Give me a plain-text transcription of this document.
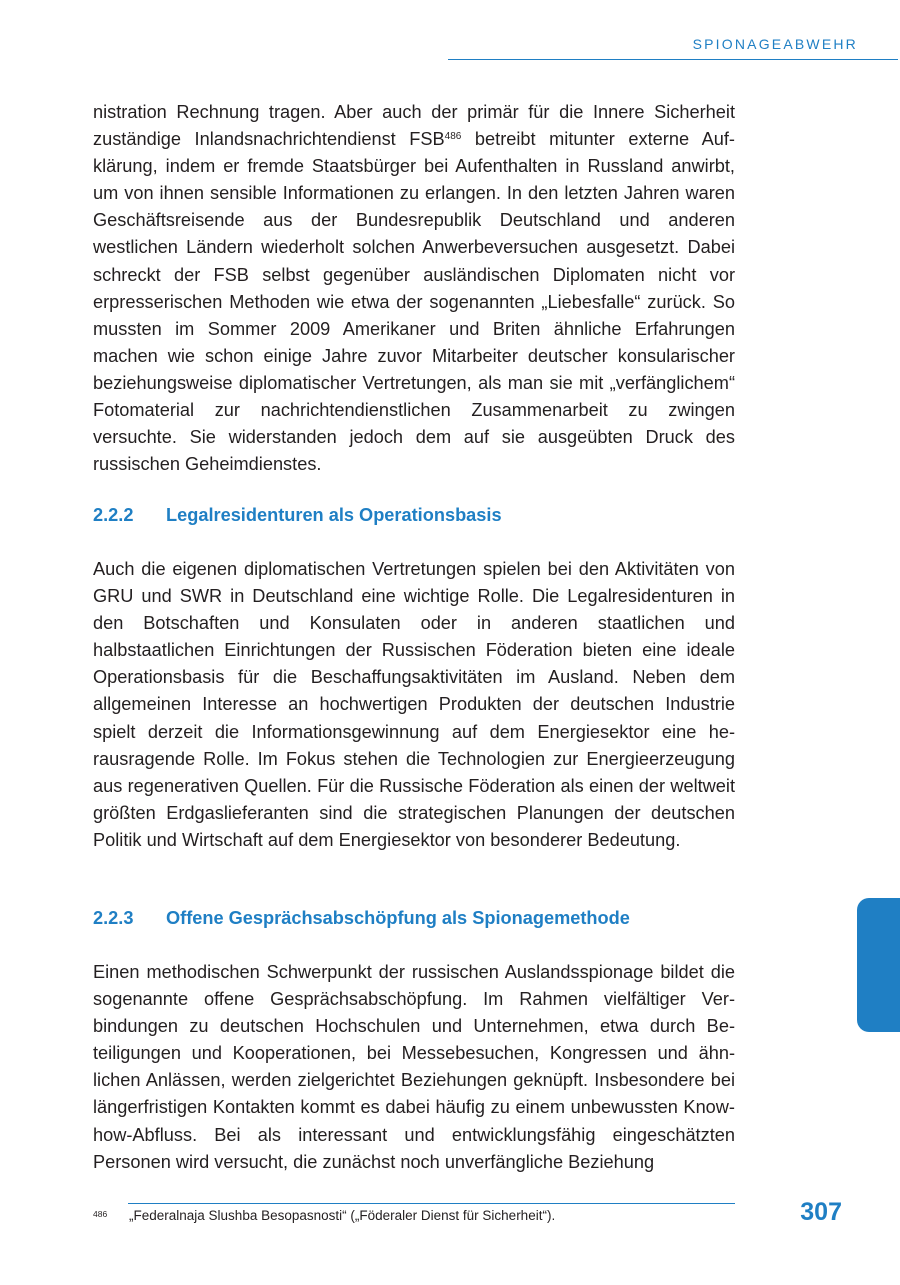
SPIONAGEABWEHR

nistration Rechnung tragen. Aber auch der primär für die Innere Sicherheit zuständige Inlandsnachrichtendienst FSB$^{486}$ betreibt mitunter externe Aufklärung, indem er fremde Staatsbürger bei Aufenthalten in Russland anwirbt, um von ihnen sensible Informationen zu erlangen. In den letzten Jahren waren Geschäftsreisende aus der Bundesrepublik Deutschland und anderen westlichen Ländern wiederholt solchen Anwerbeversuchen ausgesetzt. Dabei schreckt der FSB selbst gegenüber ausländischen Diplomaten nicht vor erpresserischen Methoden wie etwa der sogenannten „Liebesfalle“ zurück. So mussten im Sommer 2009 Amerikaner und Briten ähnliche Erfahrungen machen wie schon einige Jahre zuvor Mitarbeiter deutscher konsularischer beziehungsweise diplomatischer Vertretungen, als man sie mit „verfänglichem“ Fotomaterial zur nachrichtendienstlichen Zusammenarbeit zu zwingen versuchte. Sie widerstanden jedoch dem auf sie ausgeübten Druck des russischen Geheimdienstes.

2.2.2 Legalresidenturen als Operationsbasis

Auch die eigenen diplomatischen Vertretungen spielen bei den Aktivitäten von GRU und SWR in Deutschland eine wichtige Rolle. Die Legalresidenturen in den Botschaften und Konsulaten oder in anderen staatlichen und halbstaatlichen Einrichtungen der Russischen Föderation bieten eine ideale Operationsbasis für die Beschaffungsaktivitäten im Ausland. Neben dem allgemeinen Interesse an hochwertigen Produkten der deutschen Industrie spielt derzeit die Informationsgewinnung auf dem Energiesektor eine herausragende Rolle. Im Fokus stehen die Technologien zur Energieerzeugung aus regenerativen Quellen. Für die Russische Föderation als einen der weltweit größten Erdgaslieferanten sind die strategischen Planungen der deutschen Politik und Wirtschaft auf dem Energiesektor von besonderer Bedeutung.

2.2.3 Offene Gesprächsabschöpfung als Spionagemethode

Einen methodischen Schwerpunkt der russischen Auslandsspionage bildet die sogenannte offene Gesprächsabschöpfung. Im Rahmen vielfältiger Verbindungen zu deutschen Hochschulen und Unternehmen, etwa durch Beteiligungen und Kooperationen, bei Messebesuchen, Kongressen und ähnlichen Anlässen, werden zielgerichtet Beziehungen geknüpft. Insbesondere bei längerfristigen Kontakten kommt es dabei häufig zu einem unbewussten Know-how-Abfluss. Bei als interessant und entwicklungsfähig eingeschätzten Personen wird versucht, die zunächst noch unverfängliche Beziehung

486 „Federalnaja Slushba Besopasnosti“ („Föderaler Dienst für Sicherheit“).	307
